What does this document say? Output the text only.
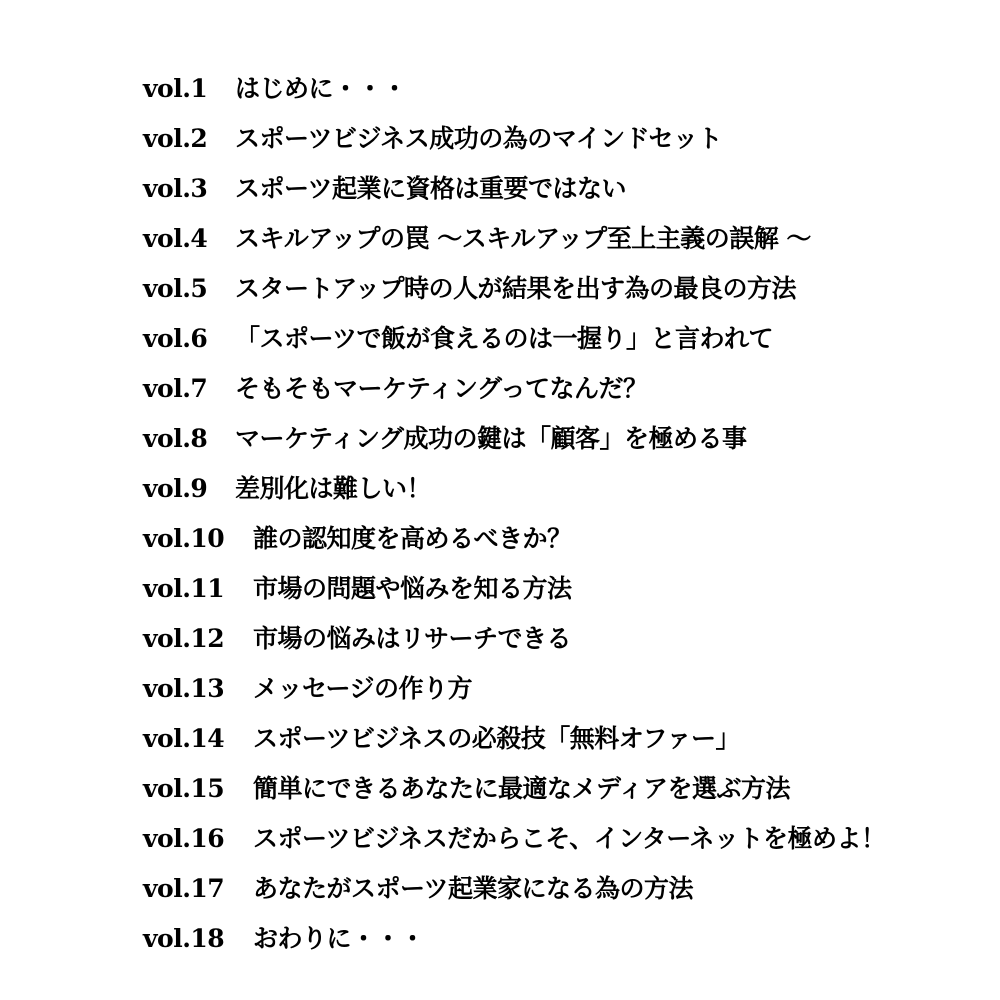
vol.1 はじめに・・・
vol.2 スポーツビジネス成功の為のマインドセット
vol.3 スポーツ起業に資格は重要ではない
vol.4 スキルアップの罠 ～スキルアップ至上主義の誤解 ～
vol.5 スタートアップ時の人が結果を出す為の最良の方法
vol.6 「スポーツで飯が食えるのは一握り」と言われて
vol.7 そもそもマーケティングってなんだ？
vol.8 マーケティング成功の鍵は「顧客」を極める事
vol.9 差別化は難しい！
vol.10 誰の認知度を高めるべきか？
vol.11 市場の問題や悩みを知る方法
vol.12 市場の悩みはリサーチできる
vol.13 メッセージの作り方
vol.14 スポーツビジネスの必殺技「無料オファー」
vol.15 簡単にできるあなたに最適なメディアを選ぶ方法
vol.16 スポーツビジネスだからこそ、インターネットを極めよ！
vol.17 あなたがスポーツ起業家になる為の方法
vol.18 おわりに・・・
